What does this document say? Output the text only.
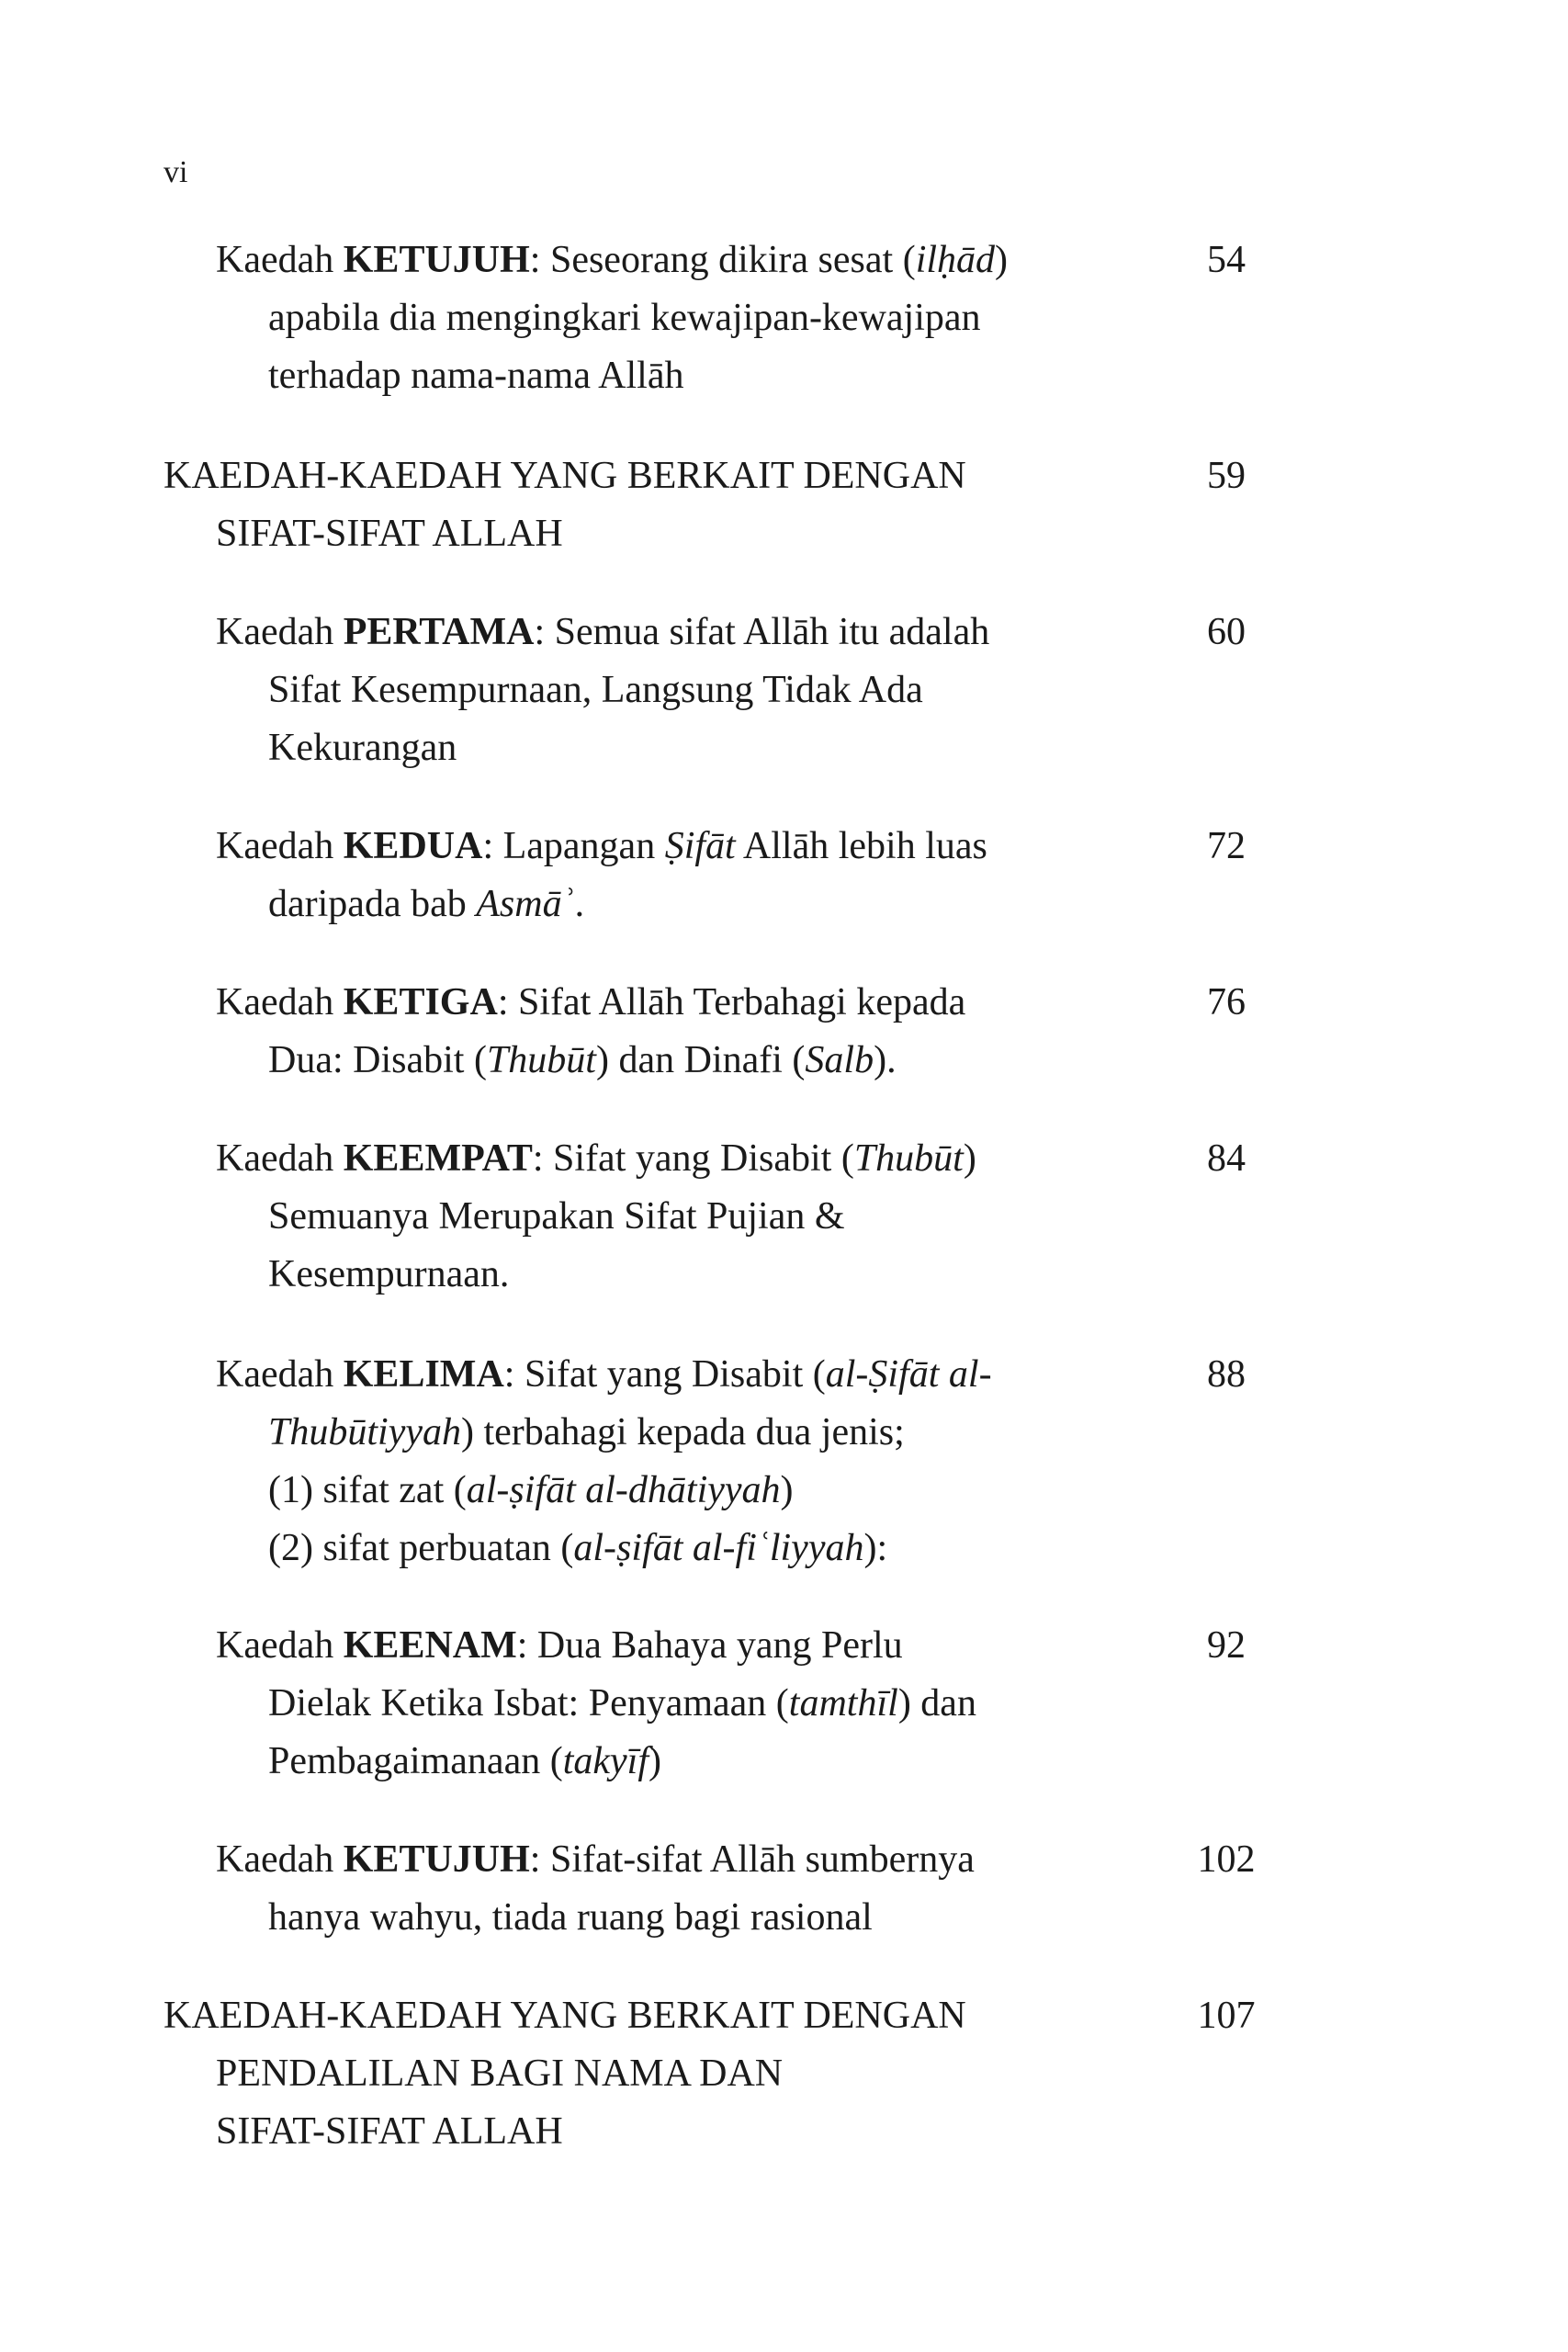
vi
Kaedah KETUJUH: Seseorang dikira sesat (ilḥād)
apabila dia mengingkari kewajipan-kewajipan
terhadap nama-nama Allāh
54
KAEDAH-KAEDAH YANG BERKAIT DENGAN
SIFAT-SIFAT ALLAH
59
Kaedah PERTAMA: Semua sifat Allāh itu adalah
Sifat Kesempurnaan, Langsung Tidak Ada
Kekurangan
60
Kaedah KEDUA: Lapangan Ṣifāt Allāh lebih luas
daripada bab Asmāʾ.
72
Kaedah KETIGA: Sifat Allāh Terbahagi kepada
Dua: Disabit (Thubūt) dan Dinafi (Salb).
76
Kaedah KEEMPAT: Sifat yang Disabit (Thubūt)
Semuanya Merupakan Sifat Pujian &
Kesempurnaan.
84
Kaedah KELIMA: Sifat yang Disabit (al-Ṣifāt al-
Thubūtiyyah) terbahagi kepada dua jenis;
(1) sifat zat (al-ṣifāt al-dhātiyyah)
(2) sifat perbuatan (al-ṣifāt al-fiʿliyyah):
88
Kaedah KEENAM: Dua Bahaya yang Perlu
Dielak Ketika Isbat: Penyamaan (tamthīl) dan
Pembagaimanaan (takyīf)
92
Kaedah KETUJUH: Sifat-sifat Allāh sumbernya
hanya wahyu, tiada ruang bagi rasional
102
KAEDAH-KAEDAH YANG BERKAIT DENGAN
PENDALILAN BAGI NAMA DAN
SIFAT-SIFAT ALLAH
107
